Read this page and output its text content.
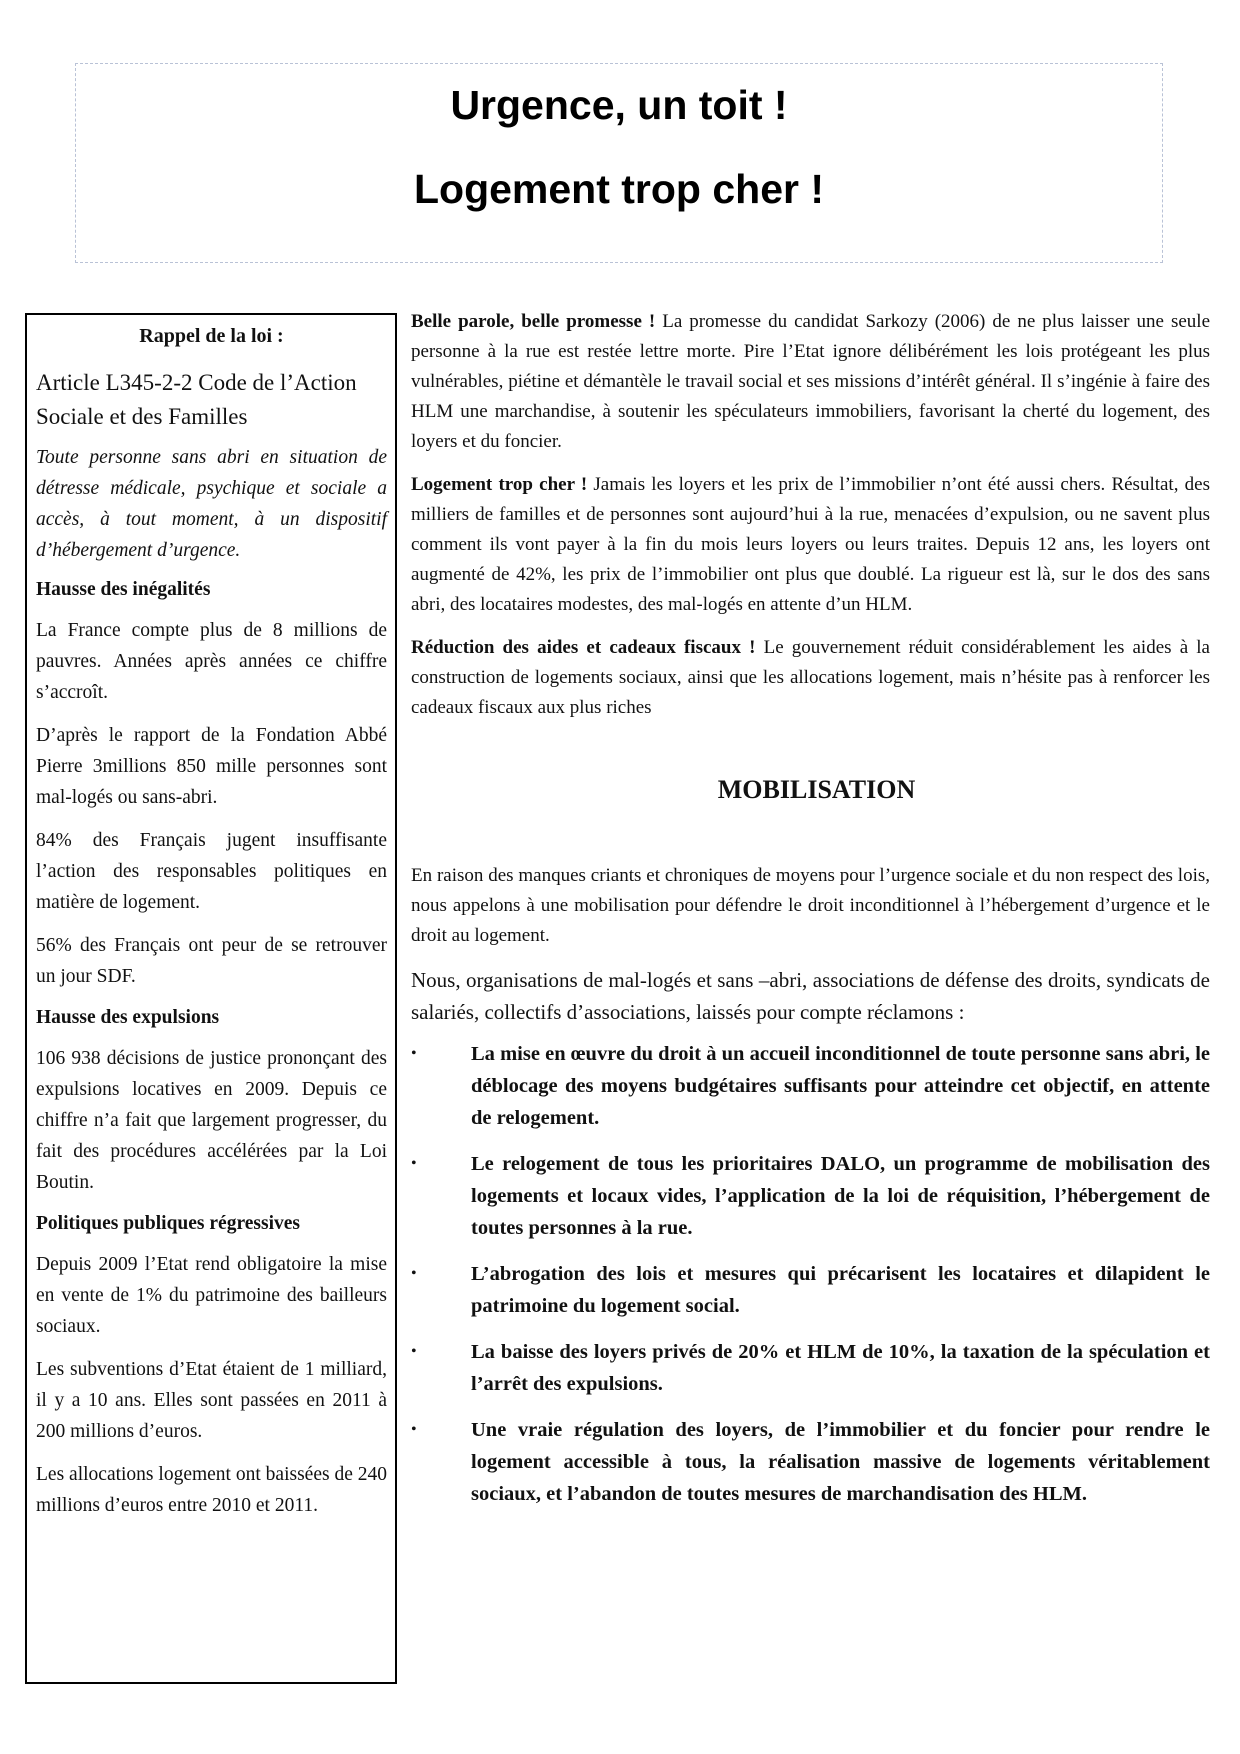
Urgence, un toit !
Logement trop cher !
Rappel de la loi :
Article L345-2-2 Code de l’Action Sociale et des Familles
Toute personne sans abri en situation de détresse médicale, psychique et sociale a accès, à tout moment, à un dispositif d’hébergement d’urgence.
Hausse des inégalités

La France compte plus de 8 millions de pauvres. Années après années ce chiffre s’accroît.

D’après le rapport de la Fondation Abbé Pierre 3millions 850 mille personnes sont mal-logés ou sans-abri.

84% des Français jugent insuffisante l’action des responsables politiques en matière de logement.

56% des Français ont peur de se retrouver un jour SDF.

Hausse des expulsions

106 938 décisions de justice prononçant des expulsions locatives en 2009. Depuis ce chiffre n’a fait que largement progresser, du fait des procédures accélérées par la Loi Boutin.

Politiques publiques régressives

Depuis 2009 l’Etat rend obligatoire la mise en vente de 1% du patrimoine des bailleurs sociaux.

Les subventions d’Etat étaient de 1 milliard, il y a 10 ans. Elles sont passées en 2011 à 200 millions d’euros.

Les allocations logement ont baissées de 240 millions d’euros entre 2010 et 2011.

Belle parole, belle promesse ! La promesse du candidat Sarkozy (2006) de ne plus laisser une seule personne à la rue est restée lettre morte. Pire l’Etat ignore délibérément les lois protégeant les plus vulnérables, piétine et démantèle le travail social et ses missions d’intérêt général. Il s’ingénie à faire des HLM une marchandise, à soutenir les spéculateurs immobiliers, favorisant la cherté du logement, des loyers et du foncier.

Logement trop cher ! Jamais les loyers et les prix de l’immobilier n’ont été aussi chers. Résultat, des milliers de familles et de personnes sont aujourd’hui à la rue, menacées d’expulsion, ou ne savent plus comment ils vont payer à la fin du mois leurs loyers ou leurs traites. Depuis 12 ans, les loyers ont augmenté de 42%, les prix de l’immobilier ont plus que doublé. La rigueur est là, sur le dos des sans abri, des locataires modestes, des mal-logés en attente d’un HLM.

Réduction des aides et cadeaux fiscaux ! Le gouvernement réduit considérablement les aides à la construction de logements sociaux, ainsi que les allocations logement, mais n’hésite pas à renforcer les cadeaux fiscaux aux plus riches

MOBILISATION

En raison des manques criants et chroniques de moyens pour l’urgence sociale et du non respect des lois, nous appelons à une mobilisation pour défendre le droit inconditionnel à l’hébergement d’urgence et le droit au logement.

Nous, organisations de mal-logés et sans –abri, associations de défense des droits, syndicats de salariés, collectifs d’associations, laissés pour compte réclamons :

•	La mise en œuvre du droit à un accueil inconditionnel de toute personne sans abri, le déblocage des moyens budgétaires suffisants pour atteindre cet objectif, en attente de relogement.
•	Le relogement de tous les prioritaires DALO, un programme de mobilisation des logements et locaux vides, l’application de la loi de réquisition, l’hébergement de toutes personnes à la rue.
•	L’abrogation des lois et mesures qui précarisent les locataires et dilapident le patrimoine du logement social.
•	La baisse des loyers privés de 20% et HLM de 10%, la taxation de la spéculation et l’arrêt des expulsions.
•	Une vraie régulation des loyers, de l’immobilier et du foncier pour rendre le logement accessible à tous, la réalisation massive de logements véritablement sociaux, et l’abandon de toutes mesures de marchandisation des HLM.
